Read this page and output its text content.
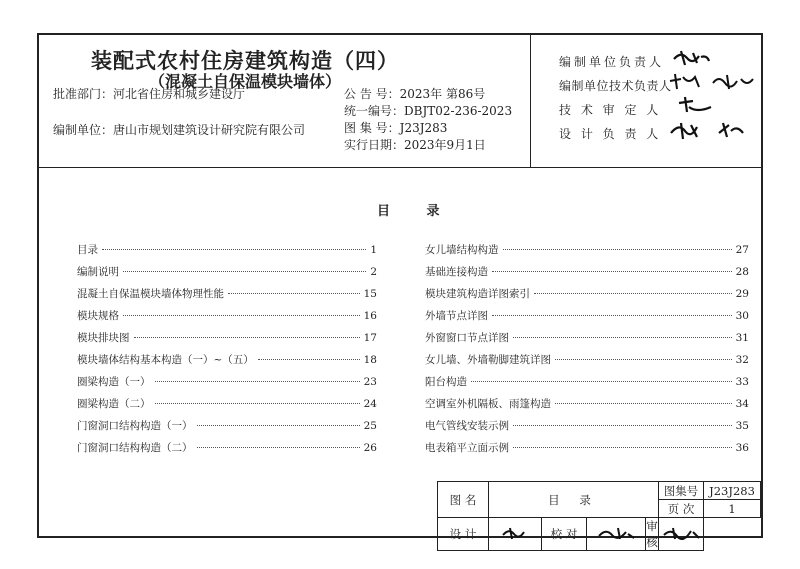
装配式农村住房建筑构造（四）
（混凝土自保温模块墙体）
批准部门：河北省住房和城乡建设厅
编制单位：唐山市规划建筑设计研究院有限公司
公 告 号：2023年 第86号
统一编号：DBJT02-236-2023
图 集 号：J23J283
实行日期：2023年9月1日
编制单位负责人
编制单位技术负责人
技 术 审 定 人
设 计 负 责 人
目 录
目录	1
编制说明	2
混凝土自保温模块墙体物理性能	15
模块规格	16
模块排块图	17
模块墙体结构基本构造（一）~（五）	18
圈梁构造（一）	23
圈梁构造（二）	24
门窗洞口结构构造（一）	25
门窗洞口结构构造（二）	26
女儿墙结构构造	27
基础连接构造	28
模块建筑构造详图索引	29
外墙节点详图	30
外窗窗口节点详图	31
女儿墙、外墙勒脚建筑详图	32
阳台构造	33
空调室外机隔板、雨篷构造	34
电气管线安装示例	35
电表箱平立面示例	36
图 名	目 录				图集号	J23J283
					页 次	1
设 计		校 对		审 核	
